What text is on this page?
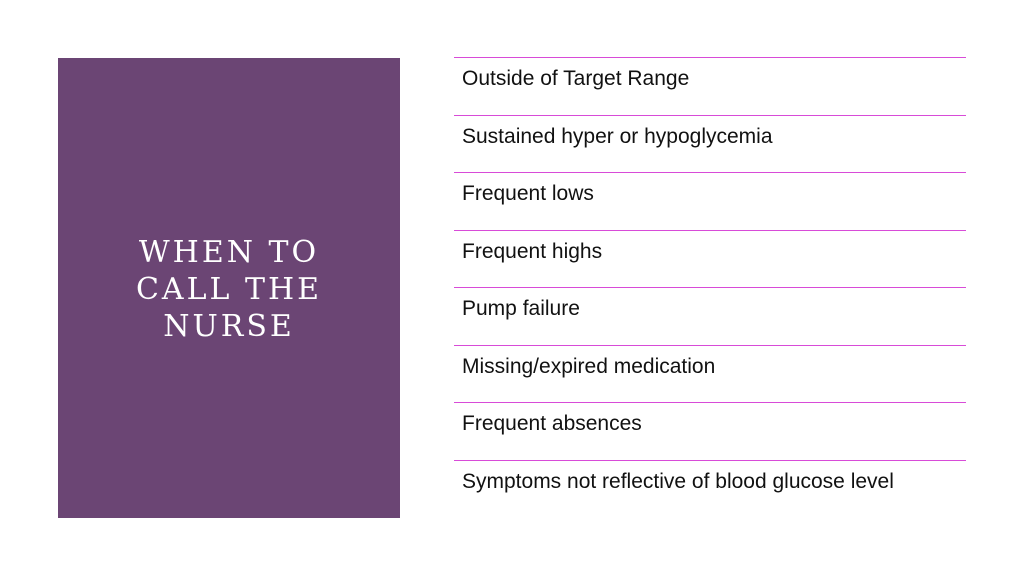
WHEN TO CALL THE NURSE
Outside of Target Range
Sustained hyper or hypoglycemia
Frequent lows
Frequent highs
Pump failure
Missing/expired medication
Frequent absences
Symptoms not reflective of blood glucose level
